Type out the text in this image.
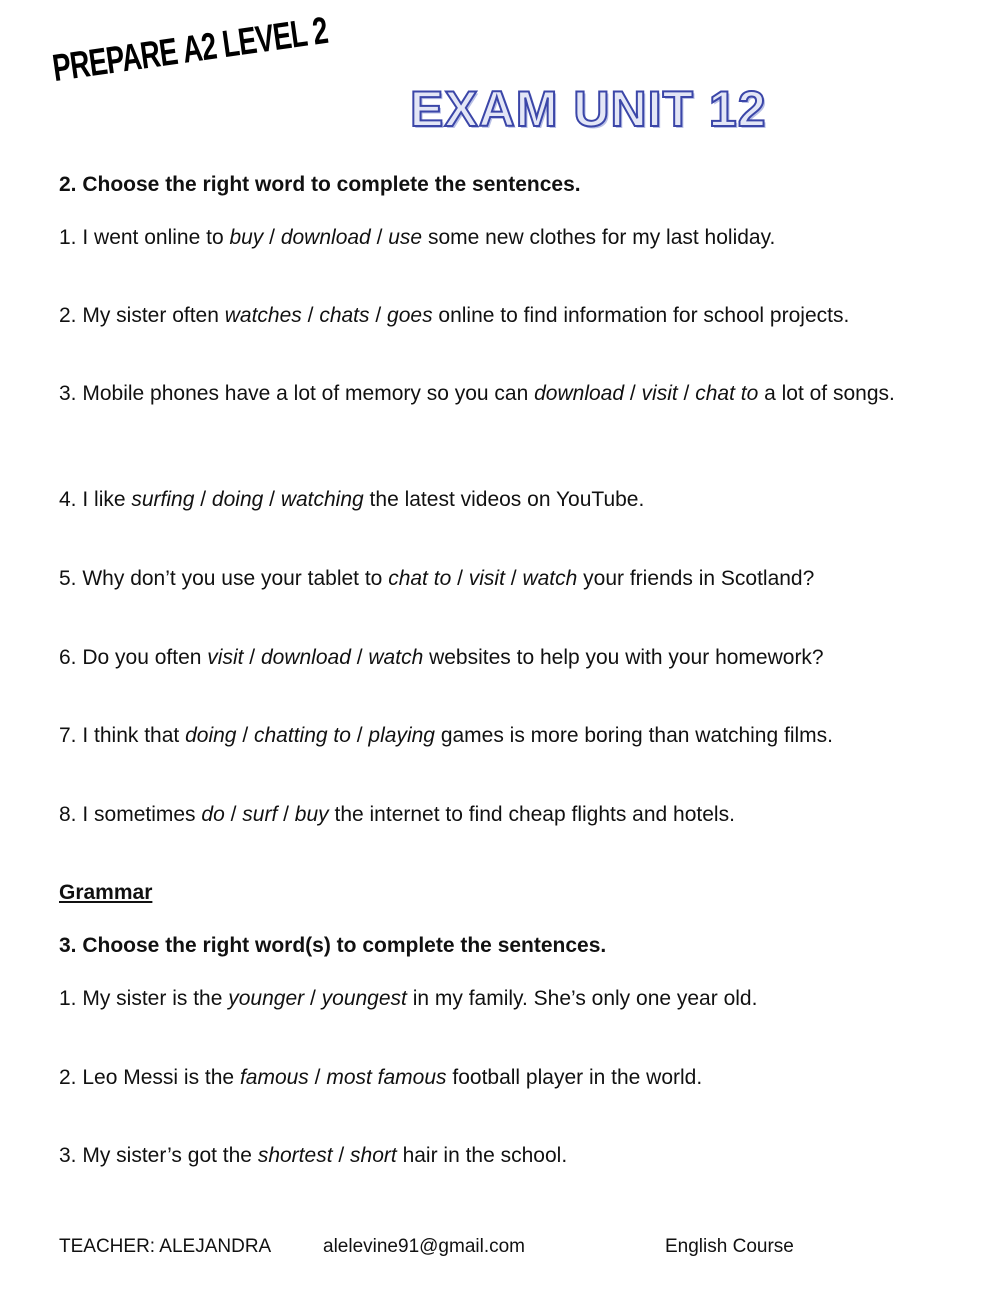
PREPARE A2 LEVEL 2
EXAM UNIT 12
2. Choose the right word to complete the sentences.
1. I went online to buy / download / use some new clothes for my last holiday.
2. My sister often watches / chats / goes online to find information for school projects.
3. Mobile phones have a lot of memory so you can download / visit / chat to a lot of songs.
4. I like surfing / doing / watching the latest videos on YouTube.
5. Why don’t you use your tablet to chat to / visit / watch your friends in Scotland?
6. Do you often visit / download / watch websites to help you with your homework?
7. I think that doing / chatting to / playing games is more boring than watching films.
8. I sometimes do / surf / buy the internet to find cheap flights and hotels.
Grammar
3. Choose the right word(s) to complete the sentences.
1. My sister is the younger / youngest in my family. She’s only one year old.
2. Leo Messi is the famous / most famous football player in the world.
3. My sister’s got the shortest / short hair in the school.
TEACHER: ALEJANDRA	alelevine91@gmail.com	English Course
